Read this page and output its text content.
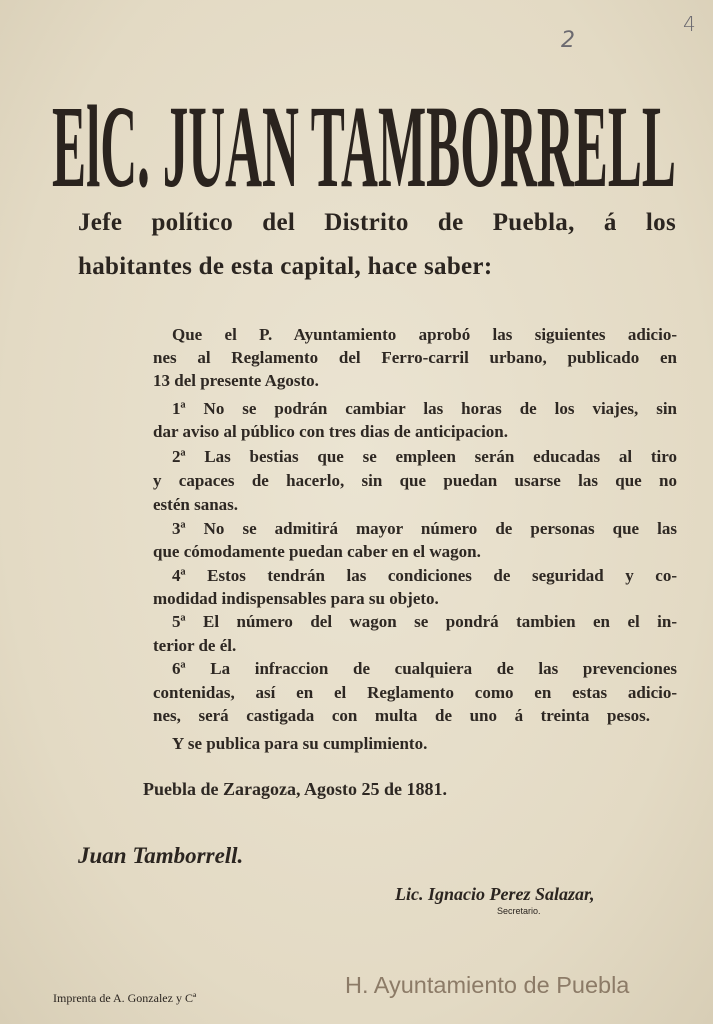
4
2
ElC. JUAN TAMBORRELL
Jefe político del Distrito de Puebla, á los
habitantes de esta capital, hace saber:
Que el P. Ayuntamiento aprobó las siguientes adicio-
nes al Reglamento del Ferro-carril urbano, publicado en
13 del presente Agosto.
1ª No se podrán cambiar las horas de los viajes, sin
dar aviso al público con tres dias de anticipacion.
2ª Las bestias que se empleen serán educadas al tiro
y capaces de hacerlo, sin que puedan usarse las que no
estén sanas.
3ª No se admitirá mayor número de personas que las
que cómodamente puedan caber en el wagon.
4ª Estos tendrán las condiciones de seguridad y co-
modidad indispensables para su objeto.
5ª El número del wagon se pondrá tambien en el in-
terior de él.
6ª La infraccion de cualquiera de las prevenciones
contenidas, así en el Reglamento como en estas adicio-
nes, será castigada con multa de uno á treinta pesos.
Y se publica para su cumplimiento.
Puebla de Zaragoza, Agosto 25 de 1881.
Juan Tamborrell.
Lic. Ignacio Perez Salazar,
Secretario.
Imprenta de A. Gonzalez y Cª	H. Ayuntamiento de Puebla
